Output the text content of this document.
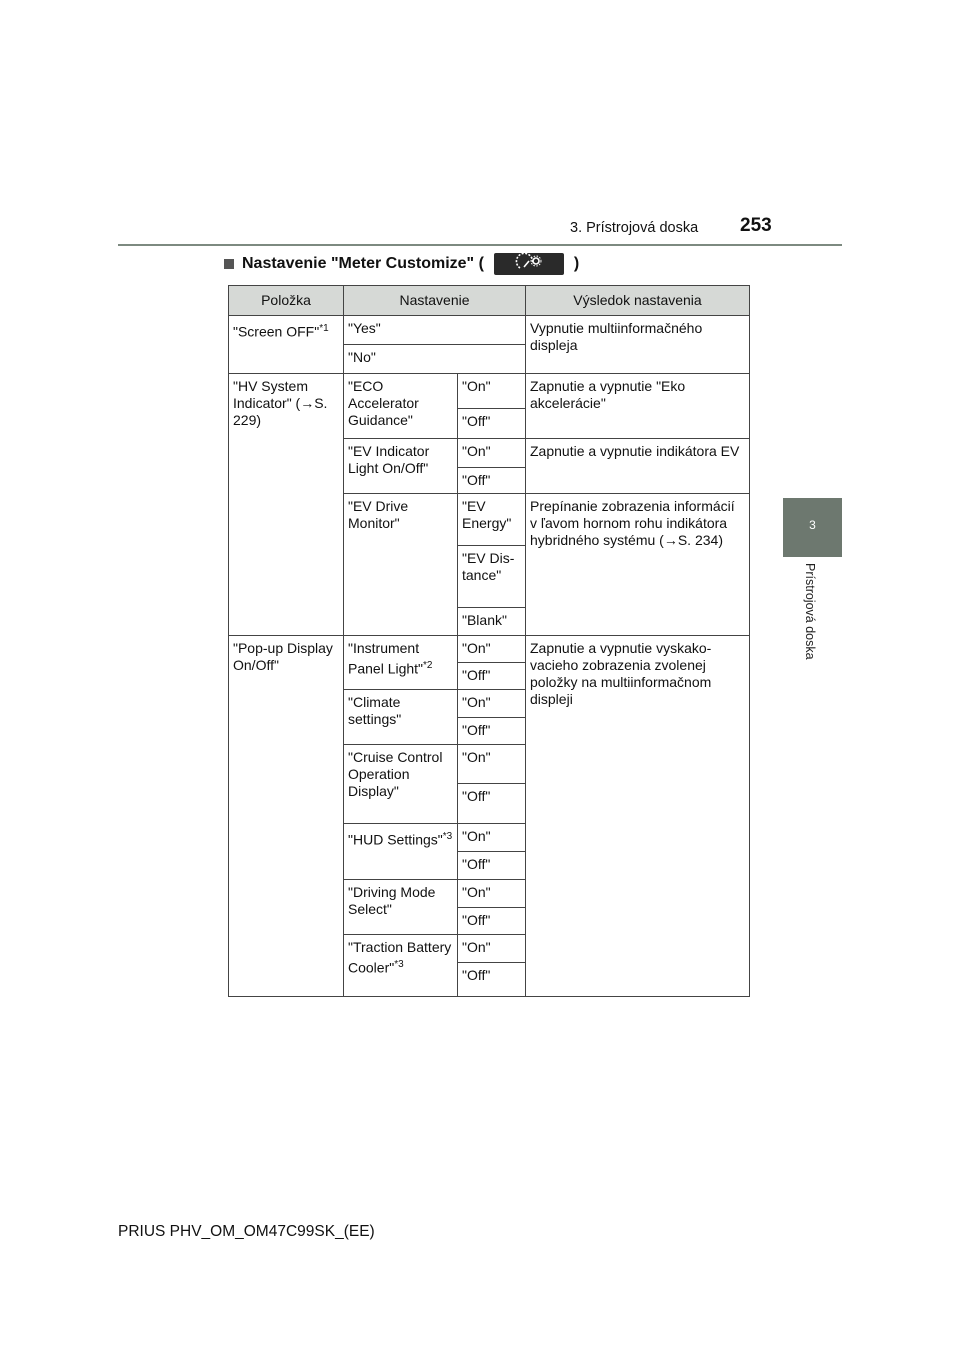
3. Prístrojová doska 253
3
Prístrojová doska
Nastavenie "Meter Customize" (	)
Položka	Nastavenie		Výsledok nastavenia
"Screen OFF"$^{*1}$	"Yes"		Vypnutie multiinformačného displeja
	"No"		
"HV System Indicator" (→S. 229)	"ECO Accelerator Guidance"	"On"	Zapnutie a vypnutie "Eko akcelerácie"
		"Off"	
	"EV Indicator Light On/Off"	"On"	Zapnutie a vypnutie indikátora EV
		"Off"	
	"EV Drive Monitor"	"EV Energy"	Prepínanie zobrazenia informácií v ľavom hornom rohu indikátora hybridného systému (→S. 234)
		"EV Dis- tance"	
		"Blank"	
"Pop-up Display On/Off"	"Instrument Panel Light"$^{*2}$	"On"	Zapnutie a vypnutie vyskako- vacieho zobrazenia zvolenej položky na multiinformačnom displeji
		"Off"	
	"Climate settings"	"On"	
		"Off"	
	"Cruise Control Operation Display"	"On"	
		"Off"	
	"HUD Settings"$^{*3}$	"On"	
		"Off"	
	"Driving Mode Select"	"On"	
		"Off"	
	"Traction Battery Cooler"$^{*3}$	"On"	
		"Off"	
PRIUS PHV_OM_OM47C99SK_(EE)
